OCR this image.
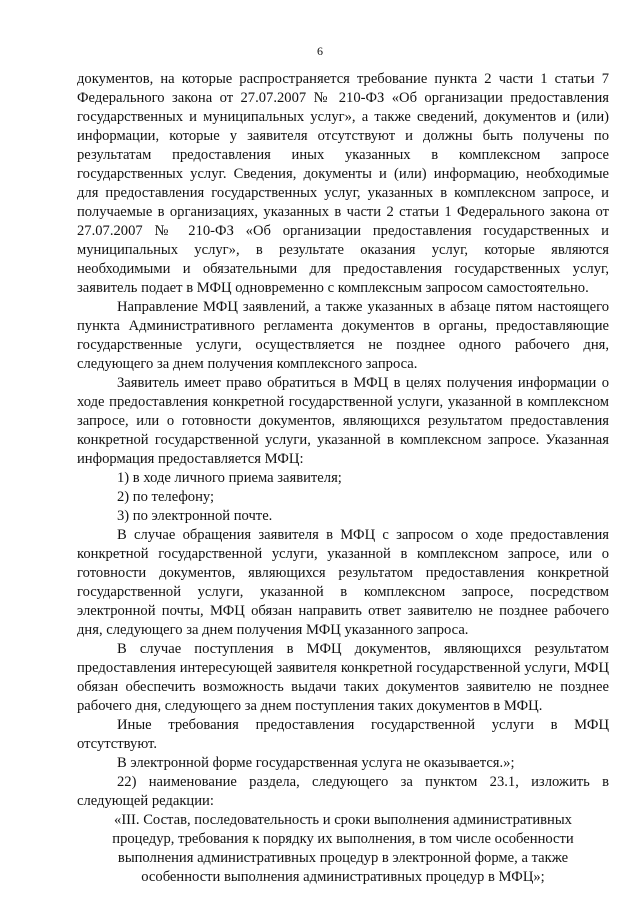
6

документов, на которые распространяется требование пункта 2 части 1 статьи 7 Федерального закона от 27.07.2007 № 210-ФЗ «Об организации предоставления государственных и муниципальных услуг», а также сведений, документов и (или) информации, которые у заявителя отсутствуют и должны быть получены по результатам предоставления иных указанных в комплексном запросе государственных услуг. Сведения, документы и (или) информацию, необходимые для предоставления государственных услуг, указанных в комплексном запросе, и получаемые в организациях, указанных в части 2 статьи 1 Федерального закона от 27.07.2007 № 210-ФЗ «Об организации предоставления государственных и муниципальных услуг», в результате оказания услуг, которые являются необходимыми и обязательными для предоставления государственных услуг, заявитель подает в МФЦ одновременно с комплексным запросом самостоятельно.

Направление МФЦ заявлений, а также указанных в абзаце пятом настоящего пункта Административного регламента документов в органы, предоставляющие государственные услуги, осуществляется не позднее одного рабочего дня, следующего за днем получения комплексного запроса.

Заявитель имеет право обратиться в МФЦ в целях получения информации о ходе предоставления конкретной государственной услуги, указанной в комплексном запросе, или о готовности документов, являющихся результатом предоставления конкретной государственной услуги, указанной в комплексном запросе. Указанная информация предоставляется МФЦ:

1) в ходе личного приема заявителя;

2) по телефону;

3) по электронной почте.

В случае обращения заявителя в МФЦ с запросом о ходе предоставления конкретной государственной услуги, указанной в комплексном запросе, или о готовности документов, являющихся результатом предоставления конкретной государственной услуги, указанной в комплексном запросе, посредством электронной почты, МФЦ обязан направить ответ заявителю не позднее рабочего дня, следующего за днем получения МФЦ указанного запроса.

В случае поступления в МФЦ документов, являющихся результатом предоставления интересующей заявителя конкретной государственной услуги, МФЦ обязан обеспечить возможность выдачи таких документов заявителю не позднее рабочего дня, следующего за днем поступления таких документов в МФЦ.

Иные требования предоставления государственной услуги в МФЦ отсутствуют.

В электронной форме государственная услуга не оказывается.»;

22) наименование раздела, следующего за пунктом 23.1, изложить в следующей редакции:

«III. Состав, последовательность и сроки выполнения административных процедур, требования к порядку их выполнения, в том числе особенности выполнения административных процедур в электронной форме, а также особенности выполнения административных процедур в МФЦ»;
